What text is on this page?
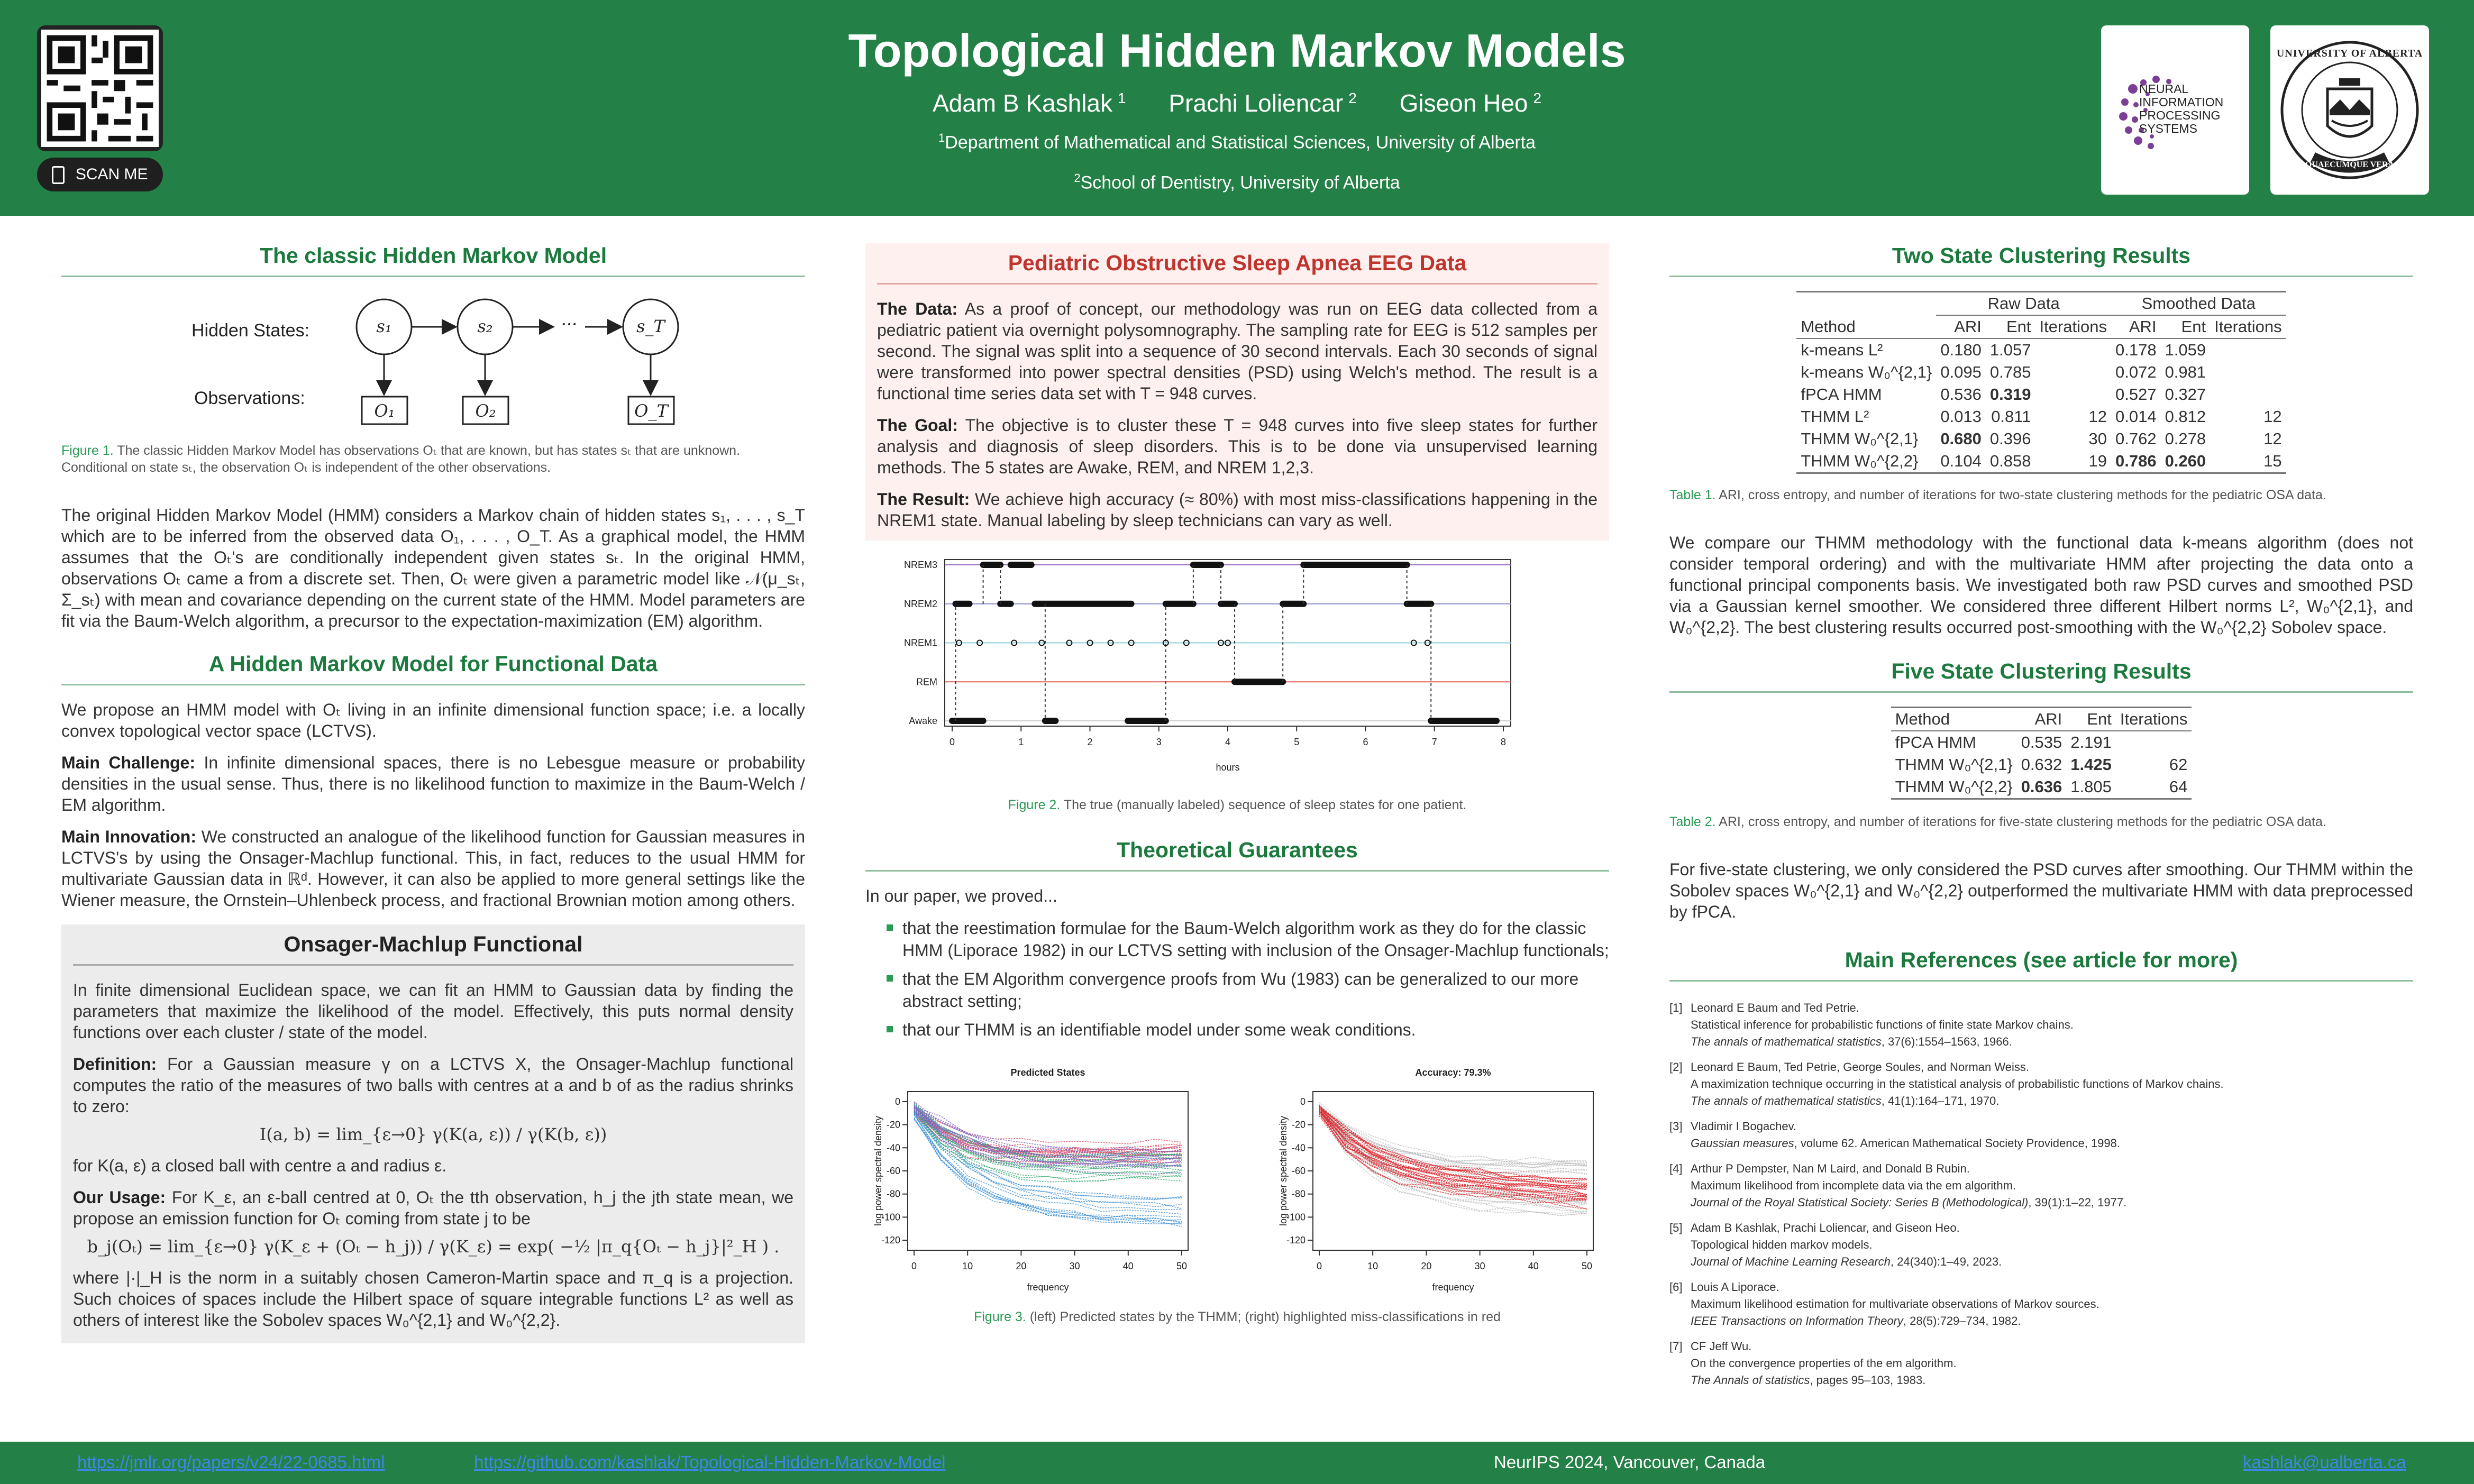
SCAN ME
Topological Hidden Markov Models
Adam B Kashlak $^1$ Prachi Loliencar $^2$ Giseon Heo $^2$
$^1$Department of Mathematical and Statistical Sciences, University of Alberta
$^2$School of Dentistry, University of Alberta
NEURAL
INFORMATION
PROCESSING
SYSTEMS
UNIVERSITY OF ALBERTA
QUAECUMQUE VERA
The classic Hidden Markov Model
Hidden States:
Observations:
s₁	s₂	s_T
···
O₁	O₂	O_T
Figure 1. The classic Hidden Markov Model has observations Oₜ that are known, but has states sₜ that are unknown. Conditional on state sₜ, the observation Oₜ is independent of the other observations.

The original Hidden Markov Model (HMM) considers a Markov chain of hidden states s₁, . . . , s_T which are to be inferred from the observed data O₁, . . . , O_T. As a graphical model, the HMM assumes that the Oₜ's are conditionally independent given states sₜ. In the original HMM, observations Oₜ came a from a discrete set. Then, Oₜ were given a parametric model like 𝒩(μ_sₜ, Σ_sₜ) with mean and covariance depending on the current state of the HMM. Model parameters are fit via the Baum-Welch algorithm, a precursor to the expectation-maximization (EM) algorithm.

A Hidden Markov Model for Functional Data

We propose an HMM model with Oₜ living in an infinite dimensional function space; i.e. a locally convex topological vector space (LCTVS).

Main Challenge: In infinite dimensional spaces, there is no Lebesgue measure or probability densities in the usual sense. Thus, there is no likelihood function to maximize in the Baum-Welch / EM algorithm.

Main Innovation: We constructed an analogue of the likelihood function for Gaussian measures in LCTVS's by using the Onsager-Machlup functional. This, in fact, reduces to the usual HMM for multivariate Gaussian data in ℝᵈ. However, it can also be applied to more general settings like the Wiener measure, the Ornstein–Uhlenbeck process, and fractional Brownian motion among others.

Onsager-Machlup Functional

In finite dimensional Euclidean space, we can fit an HMM to Gaussian data by finding the parameters that maximize the likelihood of the model. Effectively, this puts normal density functions over each cluster / state of the model.

Definition: For a Gaussian measure γ on a LCTVS X, the Onsager-Machlup functional computes the ratio of the measures of two balls with centres at a and b of as the radius shrinks to zero:

I(a, b) = lim_{ε→0} γ(K(a, ε)) / γ(K(b, ε))

for K(a, ε) a closed ball with centre a and radius ε.

Our Usage: For K_ε, an ε-ball centred at 0, Oₜ the tth observation, h_j the jth state mean, we propose an emission function for Oₜ coming from state j to be

b_j(Oₜ) = lim_{ε→0} γ(K_ε + (Oₜ − h_j)) / γ(K_ε) = exp( −½ |π_q{Oₜ − h_j}|²_H ) .

where |·|_H is the norm in a suitably chosen Cameron-Martin space and π_q is a projection. Such choices of spaces include the Hilbert space of square integrable functions L² as well as others of interest like the Sobolev spaces W₀^{2,1} and W₀^{2,2}.

Pediatric Obstructive Sleep Apnea EEG Data

The Data: As a proof of concept, our methodology was run on EEG data collected from a pediatric patient via overnight polysomnography. The sampling rate for EEG is 512 samples per second. The signal was split into a sequence of 30 second intervals. Each 30 seconds of signal were transformed into power spectral densities (PSD) using Welch's method. The result is a functional time series data set with T = 948 curves.

The Goal: The objective is to cluster these T = 948 curves into five sleep states for further analysis and diagnosis of sleep disorders. This is to be done via unsupervised learning methods. The 5 states are Awake, REM, and NREM 1,2,3.

The Result: We achieve high accuracy (≈ 80%) with most miss-classifications happening in the NREM1 state. Manual labeling by sleep technicians can vary as well.

Awake
REM
NREM1
NREM2
NREM3
0	1	2	3	4	5	6	7	8
hours
Figure 2. The true (manually labeled) sequence of sleep states for one patient.
Theoretical Guarantees

In our paper, we proved...

that the reestimation formulae for the Baum-Welch algorithm work as they do for the classic HMM (Liporace 1982) in our LCTVS setting with inclusion of the Onsager-Machlup functionals;
that the EM Algorithm convergence proofs from Wu (1983) can be generalized to our more abstract setting;
that our THMM is an identifiable model under some weak conditions.
Predicted States
0
-20
-40
-60
-80
-100
-120
0	10	20	30	40	50
frequency
log power spectral density
Accuracy: 79.3%
0
-20
-40
-60
-80
-100
-120
0	10	20	30	40	50
frequency
log power spectral density
Figure 3. (left) Predicted states by the THMM; (right) highlighted miss-classifications in red
Two State Clustering Results
	Raw Data			Smoothed Data		
Method	ARI	Ent	Iterations	ARI	Ent	Iterations
k-means L²	0.180	1.057		0.178	1.059	
k-means W₀^{2,1}	0.095	0.785		0.072	0.981	
fPCA HMM	0.536	0.319		0.527	0.327	
THMM L²	0.013	0.811	12	0.014	0.812	12
THMM W₀^{2,1}	0.680	0.396	30	0.762	0.278	12
THMM W₀^{2,2}	0.104	0.858	19	0.786	0.260	15
Table 1. ARI, cross entropy, and number of iterations for two-state clustering methods for the pediatric OSA data.

We compare our THMM methodology with the functional data k-means algorithm (does not consider temporal ordering) and with the multivariate HMM after projecting the data onto a functional principal components basis. We investigated both raw PSD curves and smoothed PSD via a Gaussian kernel smoother. We considered three different Hilbert norms L², W₀^{2,1}, and W₀^{2,2}. The best clustering results occurred post-smoothing with the W₀^{2,2} Sobolev space.

Five State Clustering Results
Method	ARI	Ent	Iterations
fPCA HMM	0.535	2.191	
THMM W₀^{2,1}	0.632	1.425	62
THMM W₀^{2,2}	0.636	1.805	64
Table 2. ARI, cross entropy, and number of iterations for five-state clustering methods for the pediatric OSA data.

For five-state clustering, we only considered the PSD curves after smoothing. Our THMM within the Sobolev spaces W₀^{2,1} and W₀^{2,2} outperformed the multivariate HMM with data preprocessed by fPCA.

Main References (see article for more)
[1] Leonard E Baum and Ted Petrie.
Statistical inference for probabilistic functions of finite state Markov chains.
The annals of mathematical statistics, 37(6):1554–1563, 1966.
[2] Leonard E Baum, Ted Petrie, George Soules, and Norman Weiss.
A maximization technique occurring in the statistical analysis of probabilistic functions of Markov chains.
The annals of mathematical statistics, 41(1):164–171, 1970.
[3] Vladimir I Bogachev.
Gaussian measures, volume 62. American Mathematical Society Providence, 1998.
[4] Arthur P Dempster, Nan M Laird, and Donald B Rubin.
Maximum likelihood from incomplete data via the em algorithm.
Journal of the Royal Statistical Society: Series B (Methodological), 39(1):1–22, 1977.
[5] Adam B Kashlak, Prachi Loliencar, and Giseon Heo.
Topological hidden markov models.
Journal of Machine Learning Research, 24(340):1–49, 2023.
[6] Louis A Liporace.
Maximum likelihood estimation for multivariate observations of Markov sources.
IEEE Transactions on Information Theory, 28(5):729–734, 1982.
[7] CF Jeff Wu.
On the convergence properties of the em algorithm.
The Annals of statistics, pages 95–103, 1983.
https://jmlr.org/papers/v24/22-0685.html	https://github.com/kashlak/Topological-Hidden-Markov-Model	NeurIPS 2024, Vancouver, Canada	kashlak@ualberta.ca
